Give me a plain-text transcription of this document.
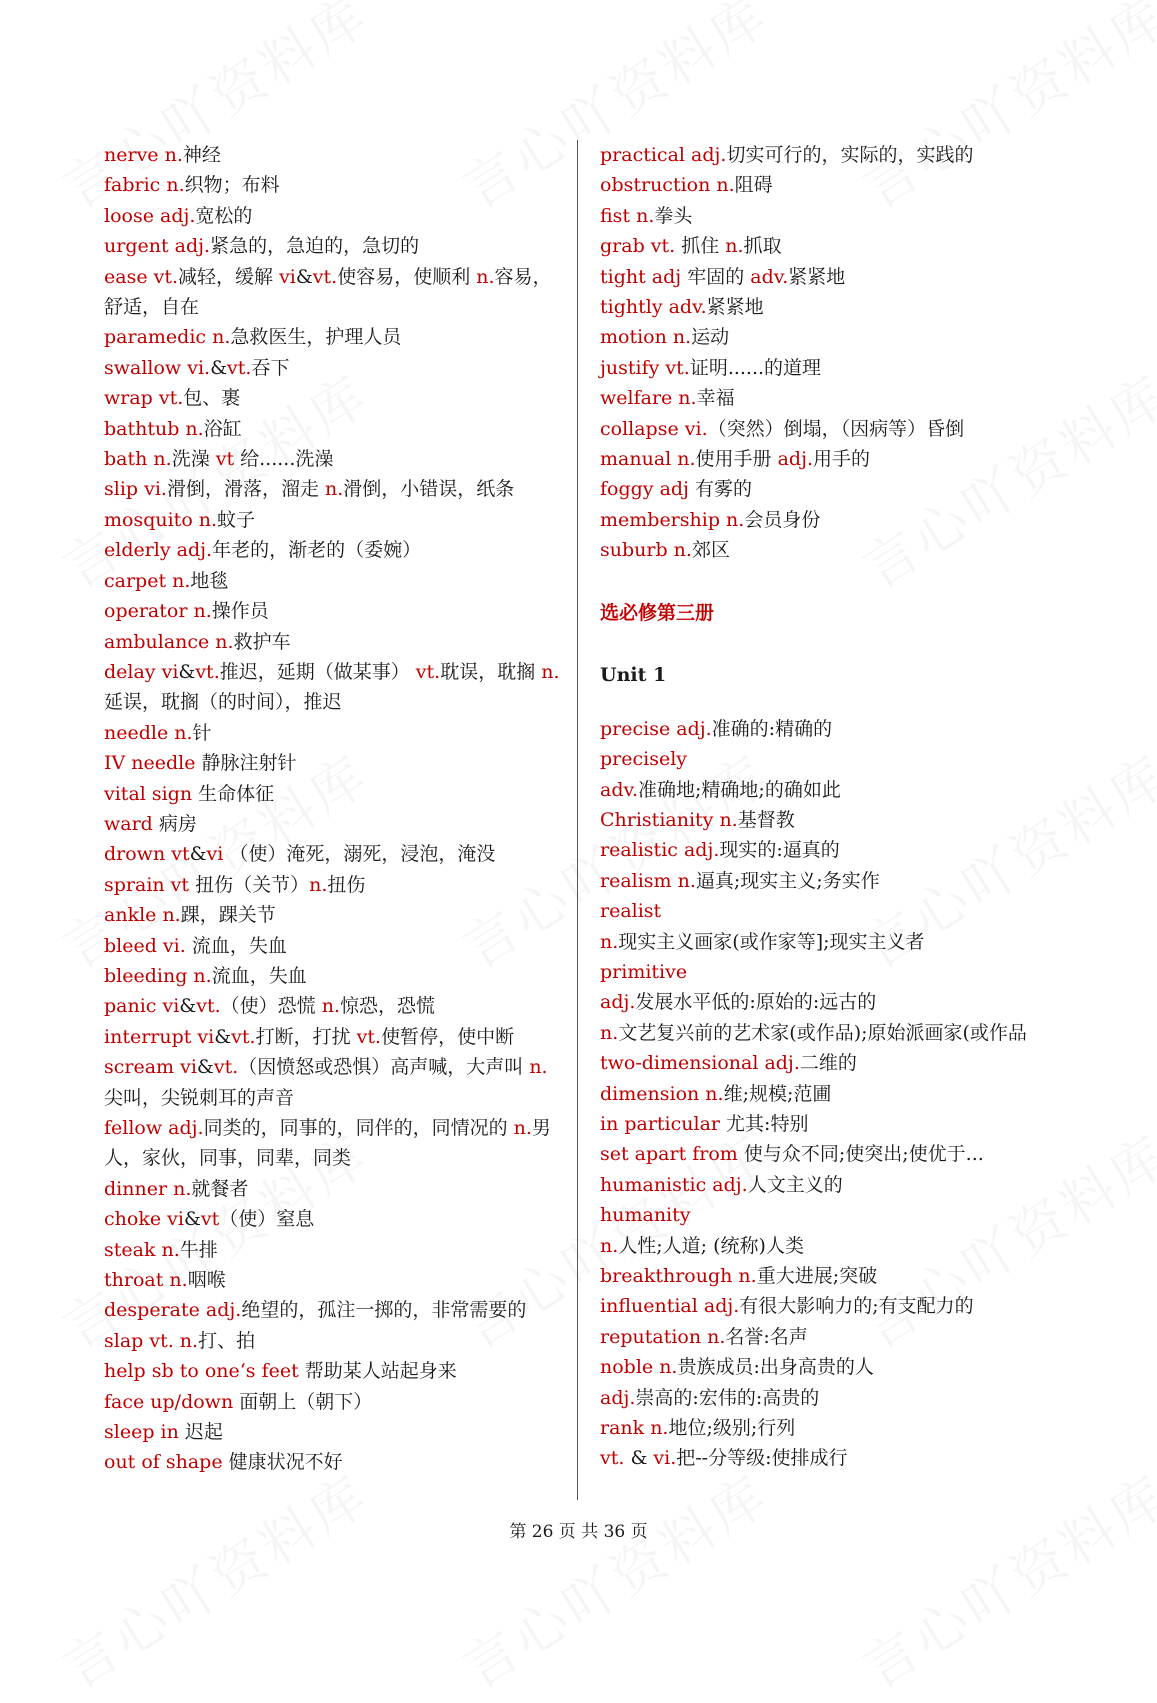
nerve n.神经

fabric n.织物；布料

loose adj.宽松的

urgent adj.紧急的，急迫的，急切的

ease vt.减轻，缓解 vi&vt.使容易，使顺利 n.容易，舒适，自在

paramedic n.急救医生，护理人员

swallow vi.&vt.吞下

wrap vt.包、裹

bathtub n.浴缸

bath n.洗澡 vt 给......洗澡

slip vi.滑倒，滑落，溜走 n.滑倒，小错误，纸条

mosquito n.蚊子

elderly adj.年老的，渐老的（委婉）

carpet n.地毯

operator n.操作员

ambulance n.救护车

delay vi&vt.推迟，延期（做某事） vt.耽误，耽搁 n.延误，耽搁（的时间），推迟

needle n.针

IV needle 静脉注射针

vital sign 生命体征

ward 病房

drown vt&vi （使）淹死，溺死，浸泡，淹没

sprain vt 扭伤（关节）n.扭伤

ankle n.踝，踝关节

bleed vi. 流血，失血

bleeding n.流血，失血

panic vi&vt.（使）恐慌 n.惊恐，恐慌

interrupt vi&vt.打断，打扰 vt.使暂停，使中断

scream vi&vt.（因愤怒或恐惧）高声喊，大声叫 n.尖叫，尖锐刺耳的声音

fellow adj.同类的，同事的，同伴的，同情况的 n.男人，家伙，同事，同辈，同类

dinner n.就餐者

choke vi&vt（使）窒息

steak n.牛排

throat n.咽喉

desperate adj.绝望的，孤注一掷的，非常需要的

slap vt. n.打、拍

help sb to one‘s feet 帮助某人站起身来

face up/down 面朝上（朝下）

sleep in 迟起

out of shape 健康状况不好

practical adj.切实可行的，实际的，实践的

obstruction n.阻碍

fist n.拳头

grab vt. 抓住 n.抓取

tight adj 牢固的 adv.紧紧地

tightly adv.紧紧地

motion n.运动

justify vt.证明......的道理

welfare n.幸福

collapse vi.（突然）倒塌，（因病等）昏倒

manual n.使用手册 adj.用手的

foggy adj 有雾的

membership n.会员身份

suburb n.郊区

选必修第三册
Unit 1

precise adj.准确的:精确的

precisely

adv.准确地;精确地;的确如此

Christianity n.基督教

realistic adj.现实的:逼真的

realism n.逼真;现实主义;务实作

realist

n.现实主义画家(或作家等];现实主义者

primitive

adj.发展水平低的:原始的:远古的

n.文艺复兴前的艺术家(或作品);原始派画家(或作品

two-dimensional adj.二维的

dimension n.维;规模;范圃

in particular 尤其:特别

set apart from 使与众不同;使突出;使优于...

humanistic adj.人文主义的

humanity

n.人性;人道; (统称)人类

breakthrough n.重大进展;突破

influential adj.有很大影响力的;有支配力的

reputation n.名誉:名声

noble n.贵族成员:出身高贵的人

adj.崇高的:宏伟的:高贵的

rank n.地位;级别;行列

vt. & vi.把--分等级:使排成行

第 26 页 共 36 页
